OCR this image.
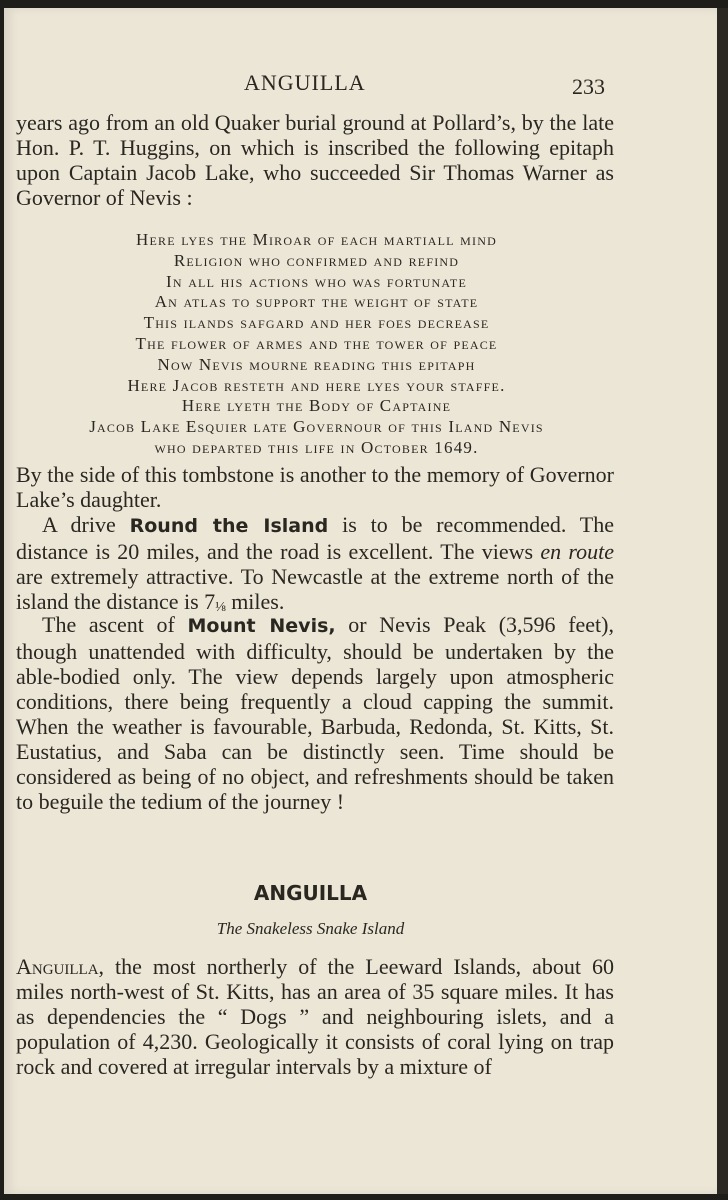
ANGUILLA	233

years ago from an old Quaker burial ground at Pollard’s, by the late Hon. P. T. Huggins, on which is inscribed the following epitaph upon Captain Jacob Lake, who succeeded Sir Thomas Warner as Governor of Nevis :

Here lyes the Miroar of each martiall mind
Religion who confirmed and refind
In all his actions who was fortunate
An atlas to support the weight of state
This ilands safgard and her foes decrease
The flower of armes and the tower of peace
Now Nevis mourne reading this epitaph
Here Jacob resteth and here lyes your staffe.
Here lyeth the Body of Captaine
Jacob Lake Esquier late Governour of this Iland Nevis
who departed this life in October 1649.

By the side of this tombstone is another to the memory of Governor Lake’s daughter.

A drive Round the Island is to be recommended. The distance is 20 miles, and the road is excellent. The views en route are extremely attractive. To Newcastle at the extreme north of the island the distance is 7⅛ miles.

The ascent of Mount Nevis, or Nevis Peak (3,596 feet), though unattended with difficulty, should be undertaken by the able-bodied only. The view depends largely upon atmospheric conditions, there being frequently a cloud capping the summit. When the weather is favourable, Barbuda, Redonda, St. Kitts, St. Eustatius, and Saba can be distinctly seen. Time should be considered as being of no object, and refreshments should be taken to beguile the tedium of the journey !

ANGUILLA
The Snakeless Snake Island

Anguilla, the most northerly of the Leeward Islands, about 60 miles north-west of St. Kitts, has an area of 35 square miles. It has as dependencies the “ Dogs ” and neighbouring islets, and a population of 4,230. Geologically it consists of coral lying on trap rock and covered at irregular intervals by a mixture of
